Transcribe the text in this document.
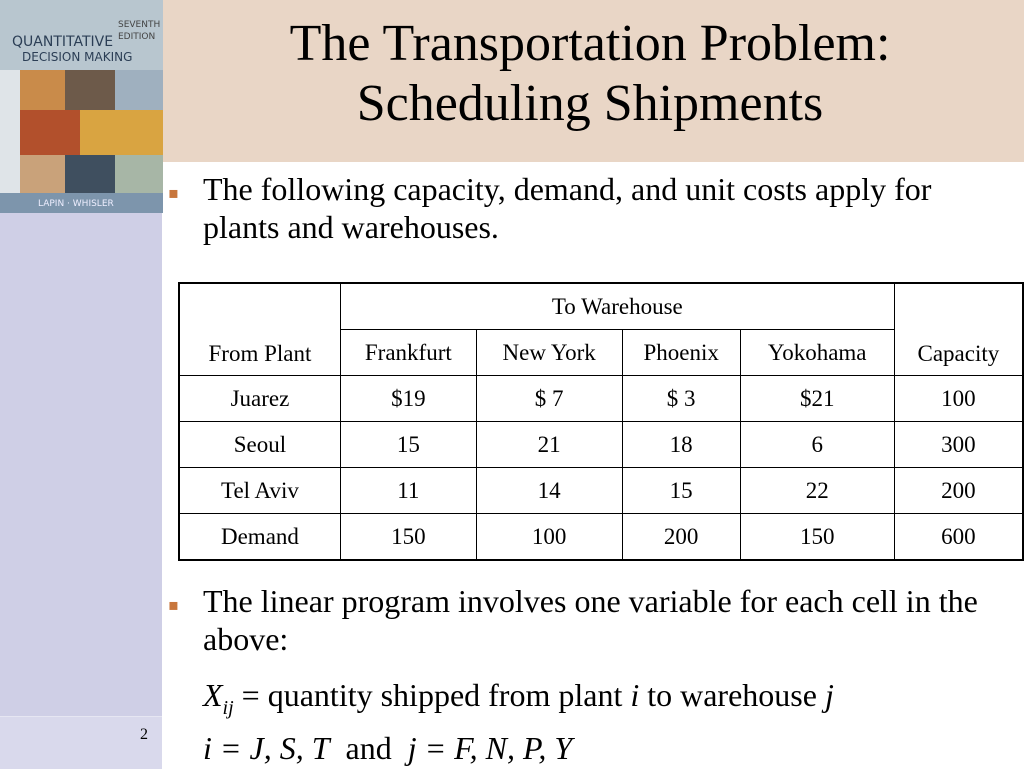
SEVENTH
EDITION
QUANTITATIVE
DECISION MAKING
LAPIN · WHISLER
The Transportation Problem:
Scheduling Shipments
▪ The following capacity, demand, and unit costs apply for plants and warehouses.
From Plant	To Warehouse				Capacity
	Frankfurt	New York	Phoenix	Yokohama	
Juarez	$19	$ 7	$ 3	$21	100
Seoul	15	21	18	6	300
Tel Aviv	11	14	15	22	200
Demand	150	100	200	150	600
▪ The linear program involves one variable for each cell in the above:
$X_{ij}$ = quantity shipped from plant i to warehouse j
i = J, S, T and j = F, N, P, Y
2
